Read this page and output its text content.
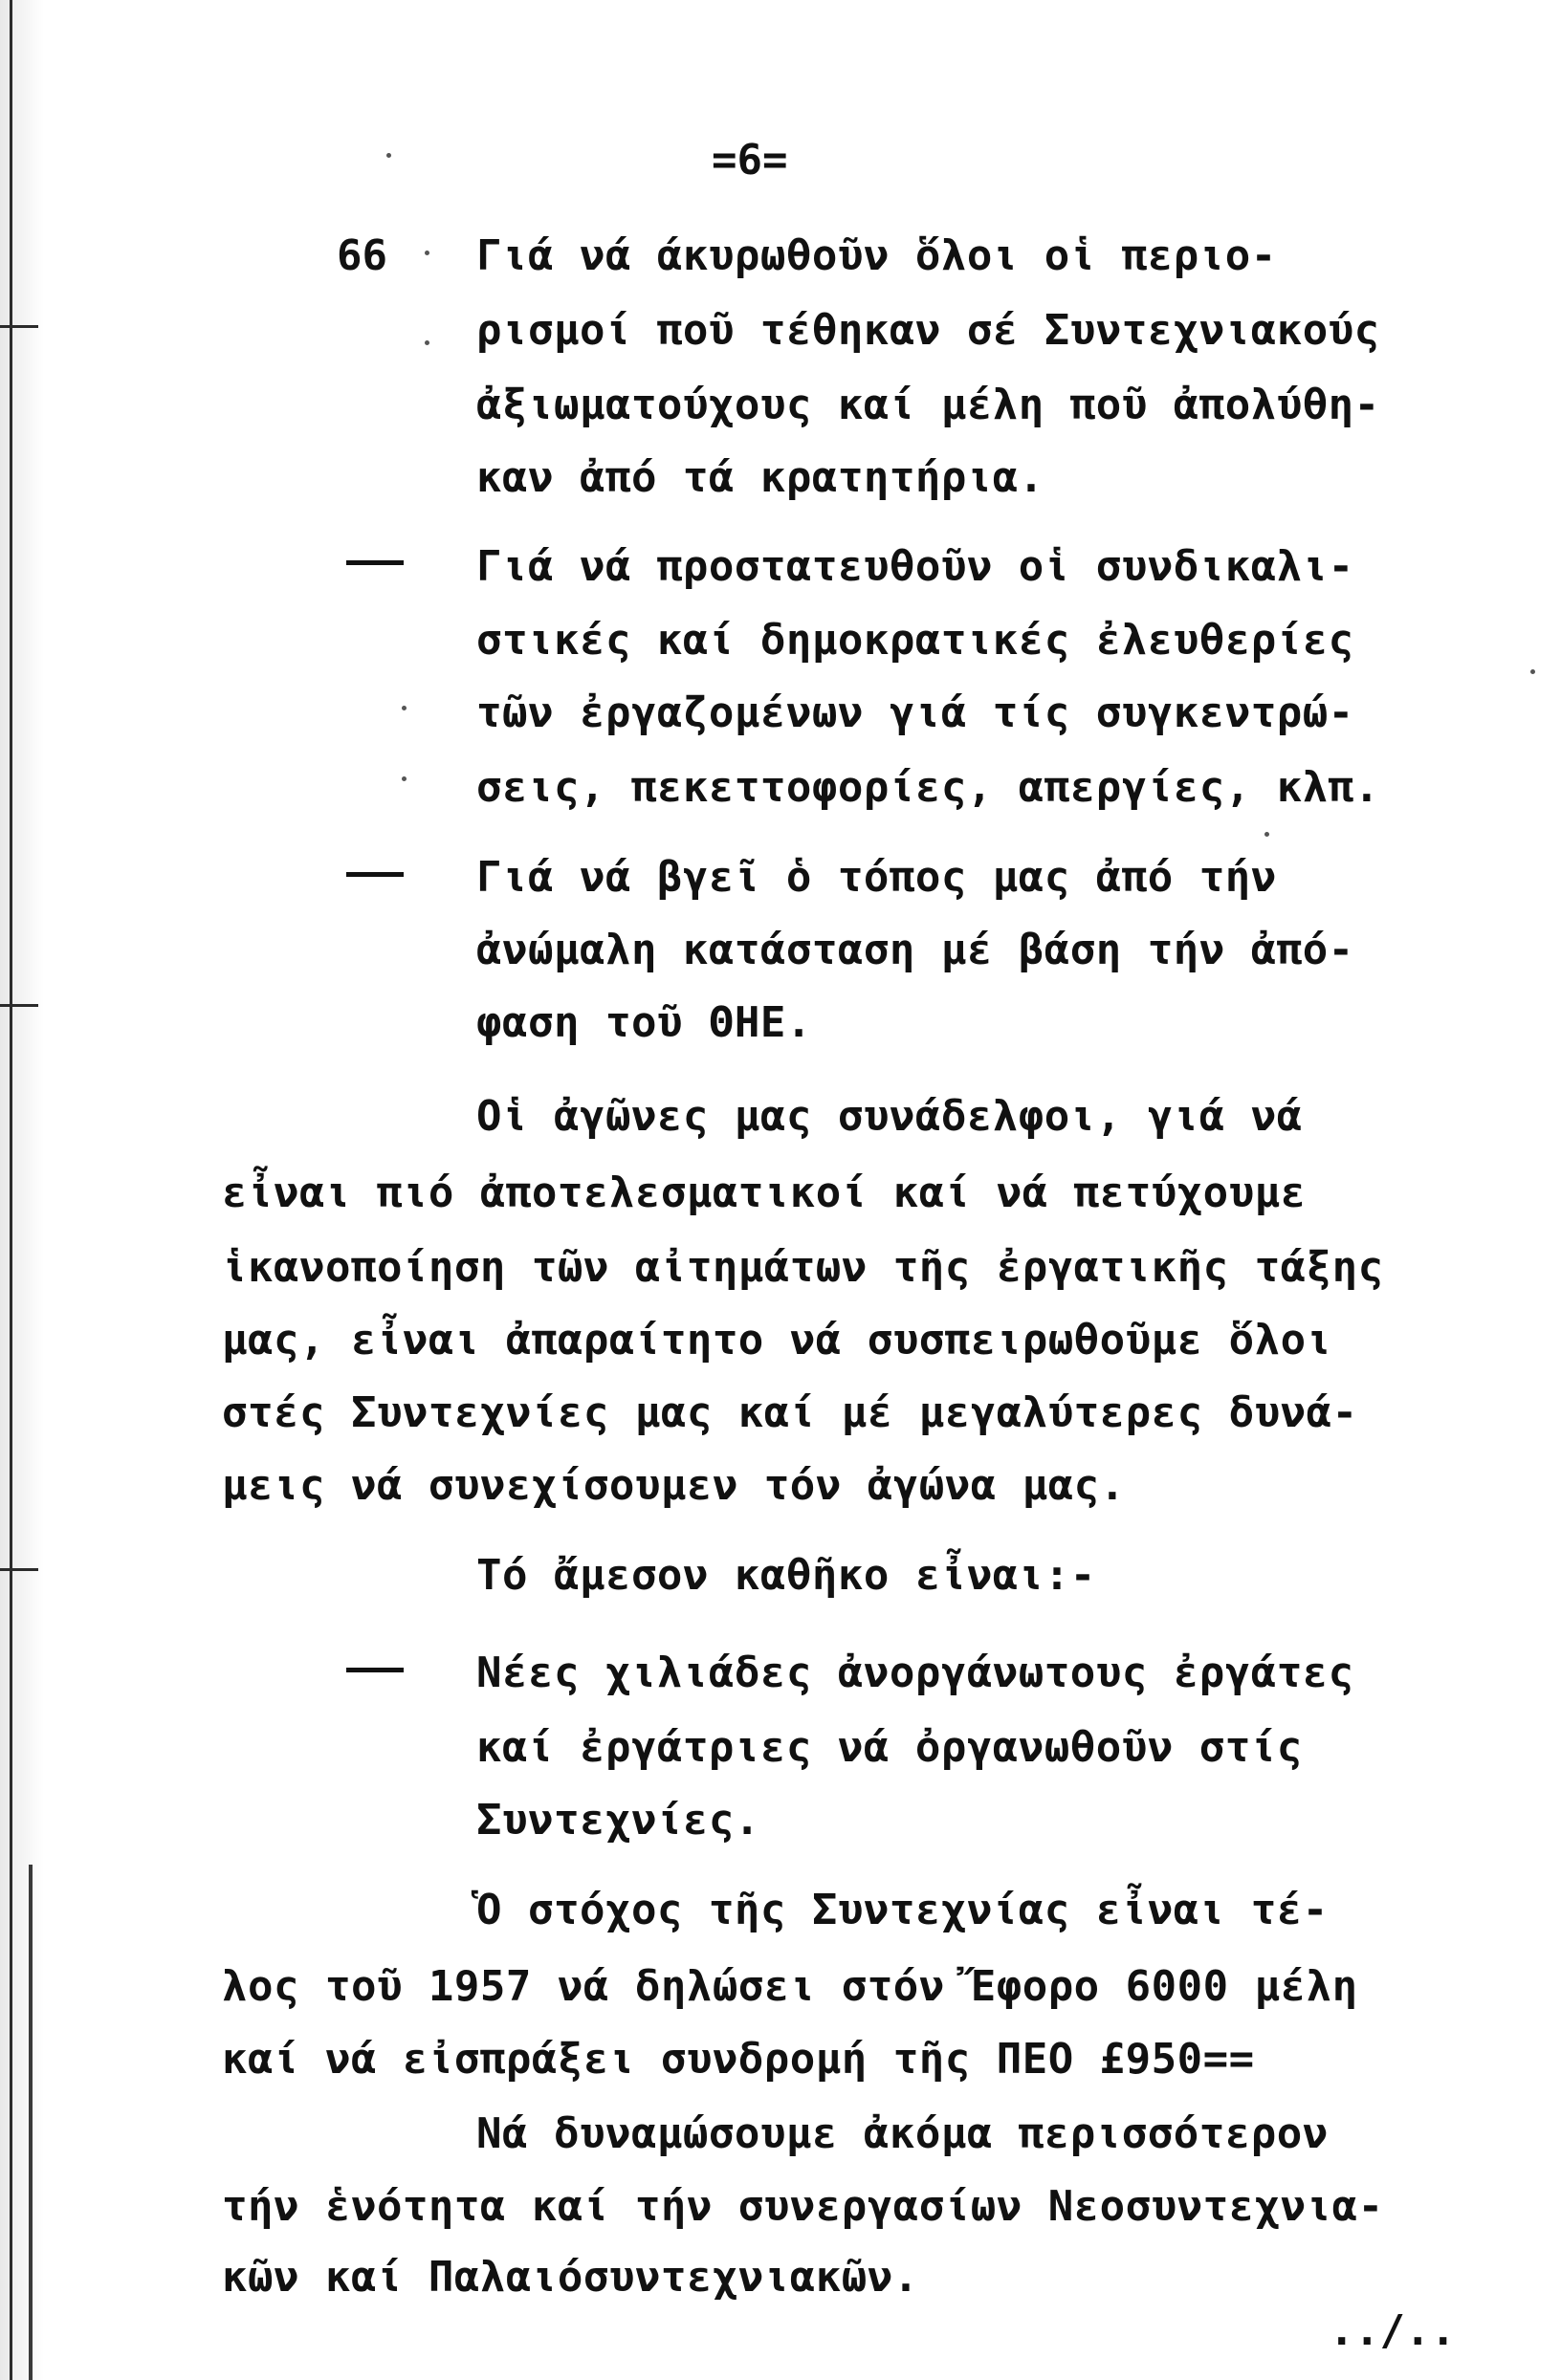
=6=
66 Γιά νά άκυρωθοῦν ὅλοι οἱ περιο-
ρισμοί ποῦ τέθηκαν σέ Συντεχνιακούς
ἀξιωματούχους καί μέλη ποῦ ἀπολύθη-
καν ἀπό τά κρατητήρια.
Γιά νά προστατευθοῦν οἱ συνδικαλι-
στικές καί δημοκρατικές ἐλευθερίες
τῶν ἐργαζομένων γιά τίς συγκεντρώ-
σεις, πεκεττοφορίες, απεργίες, κλπ.
Γιά νά βγεῖ ὁ τόπος μας ἀπό τήν
ἀνώμαλη κατάσταση μέ βάση τήν ἀπό-
φαση τοῦ ΘΗΕ.
Οἱ ἀγῶνες μας συνάδελφοι, γιά νά
εἶναι πιό ἀποτελεσματικοί καί νά πετύχουμε
ἱκανοποίηση τῶν αἰτημάτων τῆς ἐργατικῆς τάξης
μας, εἶναι ἀπαραίτητο νά συσπειρωθοῦμε ὅλοι
στές Συντεχνίες μας καί μέ μεγαλύτερες δυνά-
μεις νά συνεχίσουμεν τόν ἀγώνα μας.
Τό ἄμεσον καθῆκο εἶναι:-
Νέες χιλιάδες ἀνοργάνωτους ἐργάτες
καί ἐργάτριες νά ὀργανωθοῦν στίς
Συντεχνίες.
Ὁ στόχος τῆς Συντεχνίας εἶναι τέ-
λος τοῦ 1957 νά δηλώσει στόν Ἔφορο 6000 μέλη
καί νά εἰσπράξει συνδρομή τῆς ΠΕΟ £950==
Νά δυναμώσουμε ἀκόμα περισσότερον
τήν ἑνότητα καί τήν συνεργασίων Νεοσυντεχνια-
κῶν καί Παλαιόσυντεχνιακῶν.
../..
